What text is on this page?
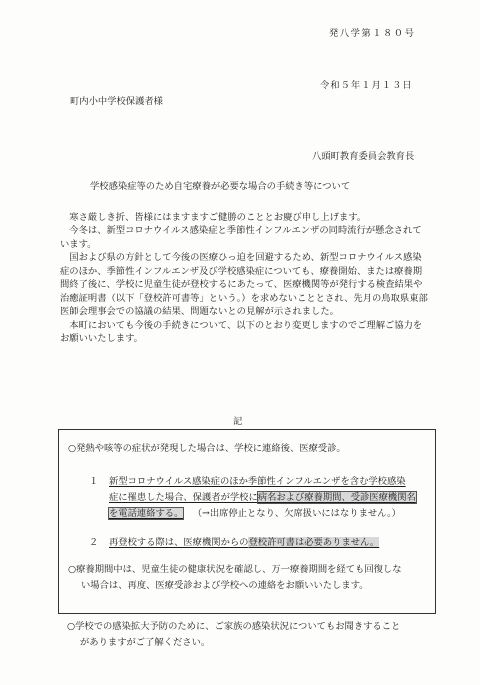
発八学第１８０号
令和５年１月１３日
町内小中学校保護者様
八頭町教育委員会教育長
学校感染症等のため自宅療養が必要な場合の手続き等について

寒さ厳しき折、皆様にはますますご健勝のこととお慶び申し上げます。

今冬は、新型コロナウイルス感染症と季節性インフルエンザの同時流行が懸念されています。

国および県の方針として今後の医療ひっ迫を回避するため、新型コロナウイルス感染症のほか、季節性インフルエンザ及び学校感染症についても、療養開始、または療養期間終了後に、学校に児童生徒が登校するにあたって、医療機関等が発行する検査結果や治癒証明書（以下「登校許可書等」という。）を求めないこととされ、先月の鳥取県東部医師会理事会での協議の結果、問題ないとの見解が示されました。

本町においても今後の手続きについて、以下のとおり変更しますのでご理解ご協力をお願いいたします。

記
○発熱や咳等の症状が発現した場合は、学校に連絡後、医療受診。
１ 新型コロナウイルス感染症のほか季節性インフルエンザを含む学校感染
症に罹患した場合、保護者が学校に病名および療養期間、受診医療機関名
を電話連絡する。 （→出席停止となり、欠席扱いにはなりません。）
２ 再登校する際は、医療機関からの登校許可書は必要ありません。
○療養期間中は、児童生徒の健康状況を確認し、万一療養期間を経ても回復しな
い場合は、再度、医療受診および学校への連絡をお願いいたします。
○学校での感染拡大予防のために、ご家族の感染状況についてもお聞きすること
がありますがご了解ください。
